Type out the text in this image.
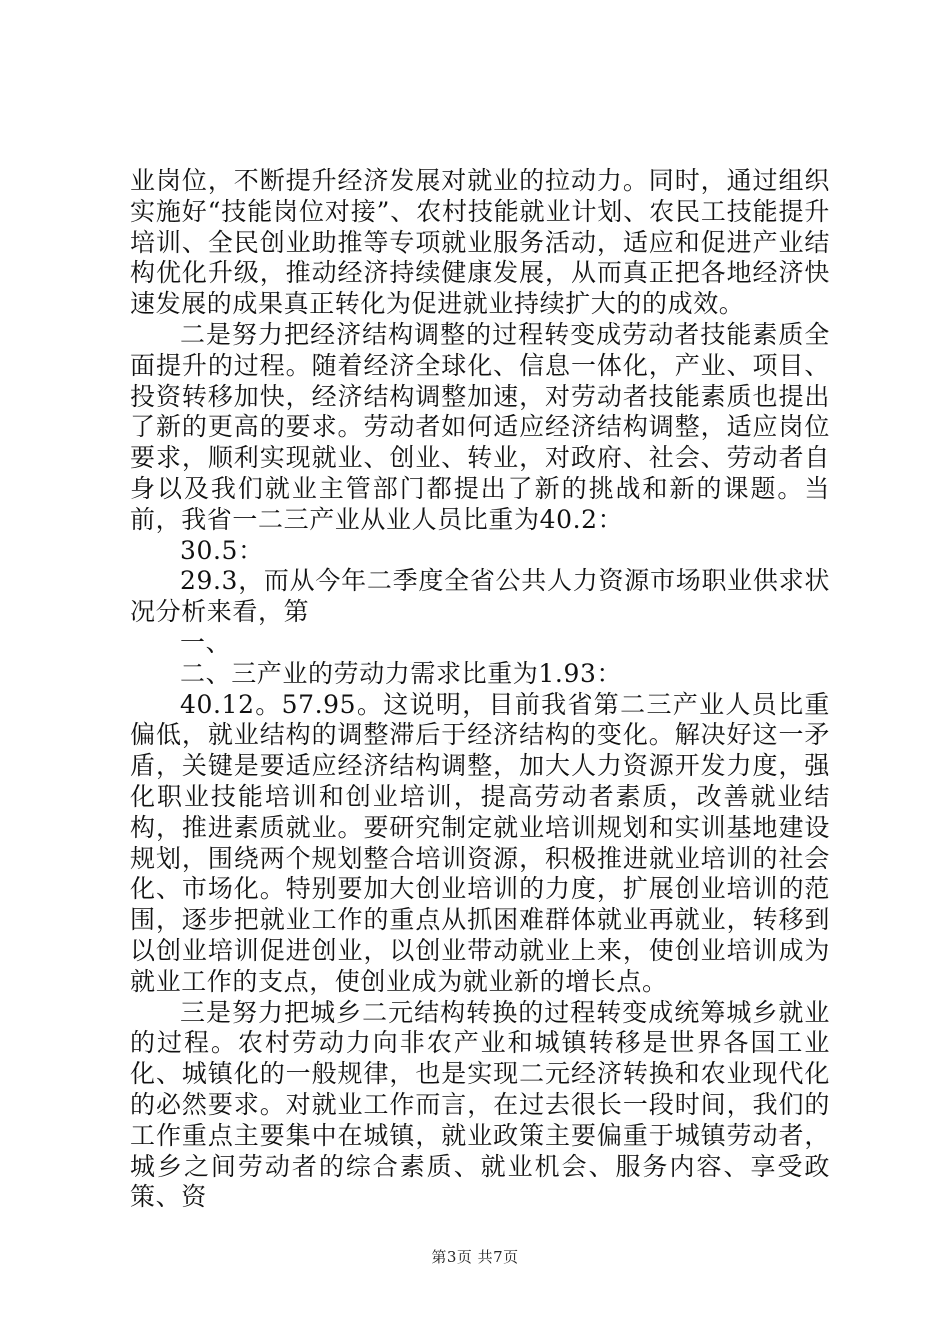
业岗位，不断提升经济发展对就业的拉动力。同时，通过组织实施好“技能岗位对接”、农村技能就业计划、农民工技能提升培训、全民创业助推等专项就业服务活动，适应和促进产业结构优化升级，推动经济持续健康发展，从而真正把各地经济快速发展的成果真正转化为促进就业持续扩大的的成效。

二是努力把经济结构调整的过程转变成劳动者技能素质全面提升的过程。随着经济全球化、信息一体化，产业、项目、投资转移加快，经济结构调整加速，对劳动者技能素质也提出了新的更高的要求。劳动者如何适应经济结构调整，适应岗位要求，顺利实现就业、创业、转业，对政府、社会、劳动者自身以及我们就业主管部门都提出了新的挑战和新的课题。当前，我省一二三产业从业人员比重为40.2：

30.5：

29.3，而从今年二季度全省公共人力资源市场职业供求状况分析来看，第

一、

二、三产业的劳动力需求比重为1.93：

40.12。57.95。这说明，目前我省第二三产业人员比重偏低，就业结构的调整滞后于经济结构的变化。解决好这一矛盾，关键是要适应经济结构调整，加大人力资源开发力度，强化职业技能培训和创业培训，提高劳动者素质，改善就业结构，推进素质就业。要研究制定就业培训规划和实训基地建设规划，围绕两个规划整合培训资源，积极推进就业培训的社会化、市场化。特别要加大创业培训的力度，扩展创业培训的范围，逐步把就业工作的重点从抓困难群体就业再就业，转移到以创业培训促进创业，以创业带动就业上来，使创业培训成为就业工作的支点，使创业成为就业新的增长点。

三是努力把城乡二元结构转换的过程转变成统筹城乡就业的过程。农村劳动力向非农产业和城镇转移是世界各国工业化、城镇化的一般规律，也是实现二元经济转换和农业现代化的必然要求。对就业工作而言，在过去很长一段时间，我们的工作重点主要集中在城镇，就业政策主要偏重于城镇劳动者，城乡之间劳动者的综合素质、就业机会、服务内容、享受政策、资

第3页 共7页
